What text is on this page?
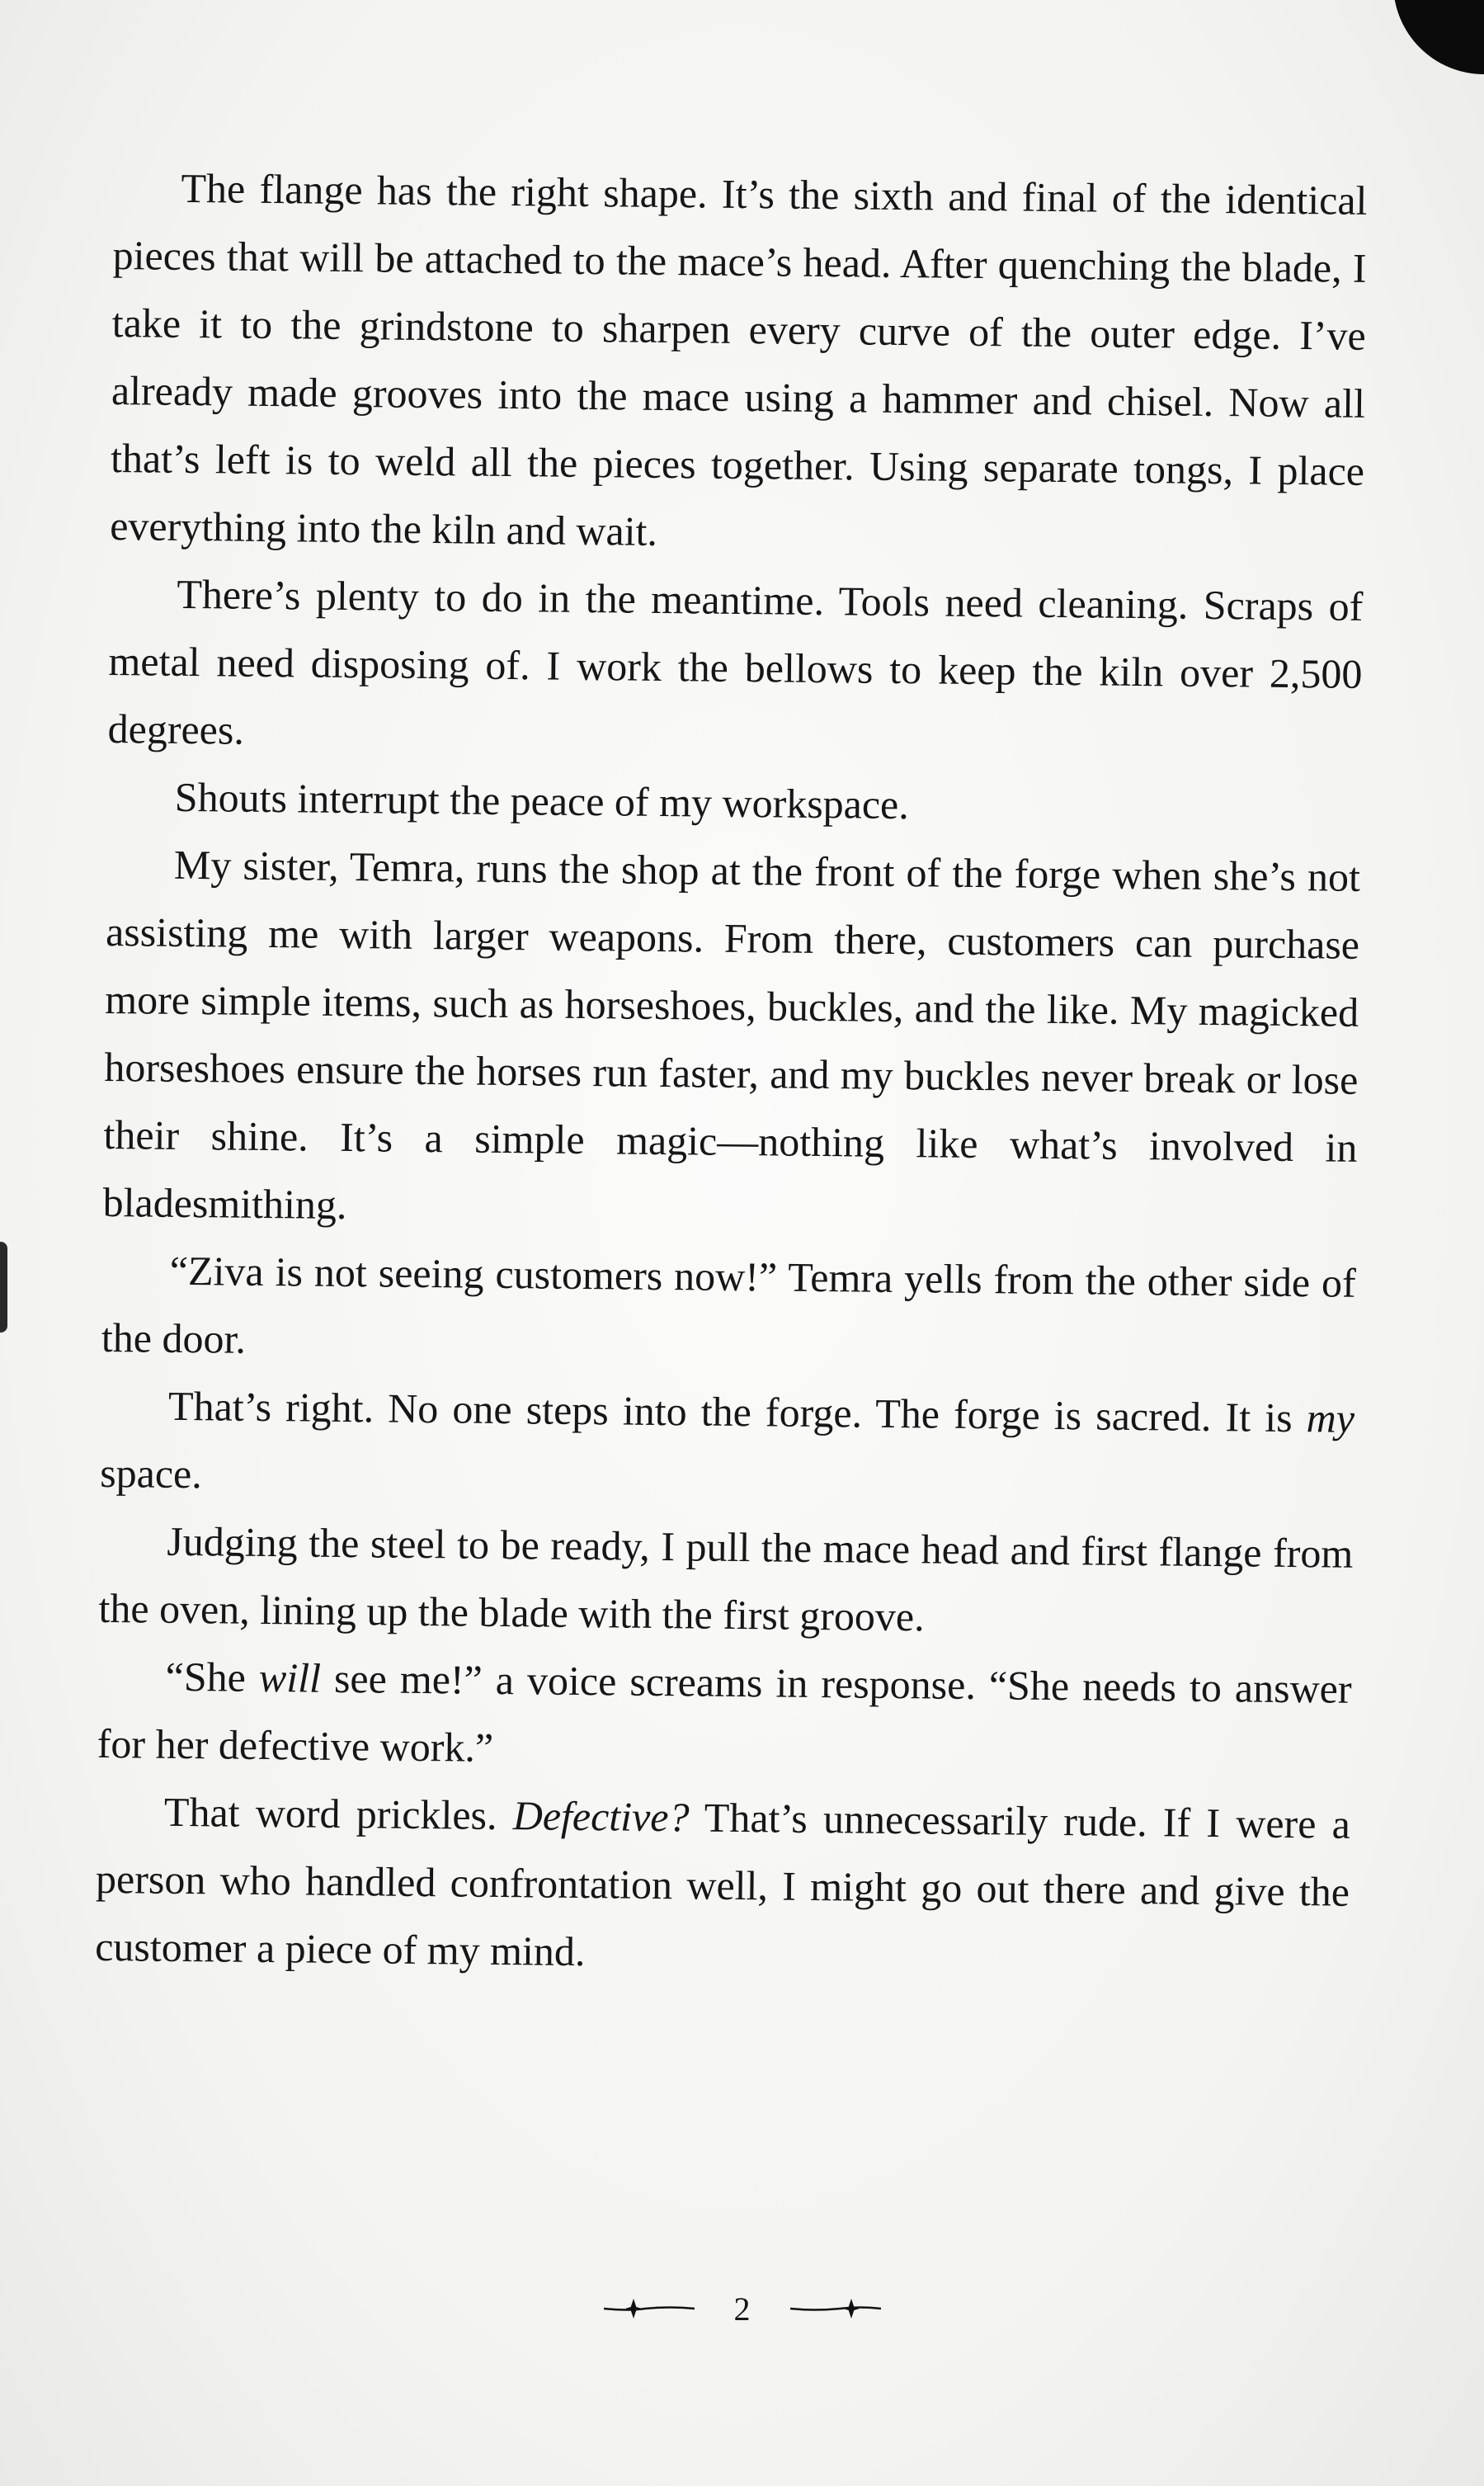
The flange has the right shape. It’s the sixth and final of the identical pieces that will be attached to the mace’s head. After quenching the blade, I take it to the grindstone to sharpen every curve of the outer edge. I’ve already made grooves into the mace using a hammer and chisel. Now all that’s left is to weld all the pieces together. Using separate tongs, I place everything into the kiln and wait.

There’s plenty to do in the meantime. Tools need cleaning. Scraps of metal need disposing of. I work the bellows to keep the kiln over 2,500 degrees.

Shouts interrupt the peace of my workspace.

My sister, Temra, runs the shop at the front of the forge when she’s not assisting me with larger weapons. From there, customers can purchase more simple items, such as horseshoes, buckles, and the like. My magicked horseshoes ensure the horses run faster, and my buckles never break or lose their shine. It’s a simple magic—nothing like what’s involved in bladesmithing.

“Ziva is not seeing customers now!” Temra yells from the other side of the door.

That’s right. No one steps into the forge. The forge is sacred. It is my space.

Judging the steel to be ready, I pull the mace head and first flange from the oven, lining up the blade with the first groove.

“She will see me!” a voice screams in response. “She needs to answer for her defective work.”

That word prickles. Defective? That’s unnecessarily rude. If I were a person who handled confrontation well, I might go out there and give the customer a piece of my mind.

2
